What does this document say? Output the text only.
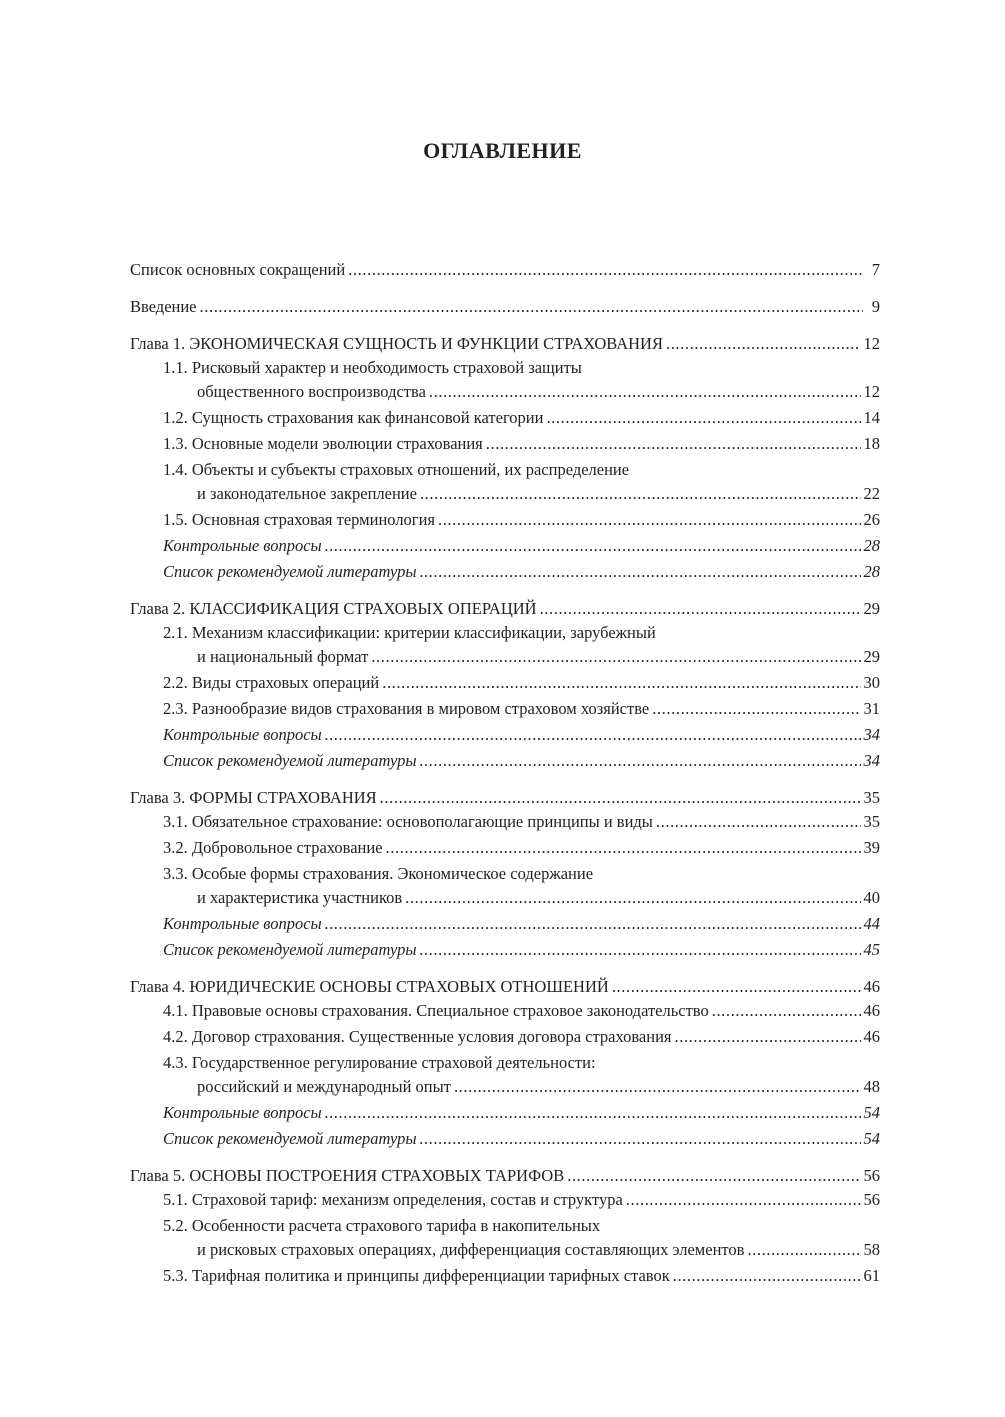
ОГЛАВЛЕНИЕ
Список основных сокращений .....	7
Введение .....	9
Глава 1. ЭКОНОМИЧЕСКАЯ СУЩНОСТЬ И ФУНКЦИИ СТРАХОВАНИЯ .....	12
1.1. Рисковый характер и необходимость страховой защиты
общественного воспроизводства .....	12
1.2. Сущность страхования как финансовой категории .....	14
1.3. Основные модели эволюции страхования .....	18
1.4. Объекты и субъекты страховых отношений, их распределение
и законодательное закрепление .....	22
1.5. Основная страховая терминология .....	26
Контрольные вопросы .....	28
Список рекомендуемой литературы .....	28
Глава 2. КЛАССИФИКАЦИЯ СТРАХОВЫХ ОПЕРАЦИЙ .....	29
2.1. Механизм классификации: критерии классификации, зарубежный
и национальный формат .....	29
2.2. Виды страховых операций .....	30
2.3. Разнообразие видов страхования в мировом страховом хозяйстве .....	31
Контрольные вопросы .....	34
Список рекомендуемой литературы .....	34
Глава 3. ФОРМЫ СТРАХОВАНИЯ .....	35
3.1. Обязательное страхование: основополагающие принципы и виды .....	35
3.2. Добровольное страхование .....	39
3.3. Особые формы страхования. Экономическое содержание
и характеристика участников .....	40
Контрольные вопросы .....	44
Список рекомендуемой литературы .....	45
Глава 4. ЮРИДИЧЕСКИЕ ОСНОВЫ СТРАХОВЫХ ОТНОШЕНИЙ .....	46
4.1. Правовые основы страхования. Специальное страховое законодательство .....	46
4.2. Договор страхования. Существенные условия договора страхования .....	46
4.3. Государственное регулирование страховой деятельности:
российский и международный опыт .....	48
Контрольные вопросы .....	54
Список рекомендуемой литературы .....	54
Глава 5. ОСНОВЫ ПОСТРОЕНИЯ СТРАХОВЫХ ТАРИФОВ .....	56
5.1. Страховой тариф: механизм определения, состав и структура .....	56
5.2. Особенности расчета страхового тарифа в накопительных
и рисковых страховых операциях, дифференциация составляющих элементов .....	58
5.3. Тарифная политика и принципы дифференциации тарифных ставок .....	61
